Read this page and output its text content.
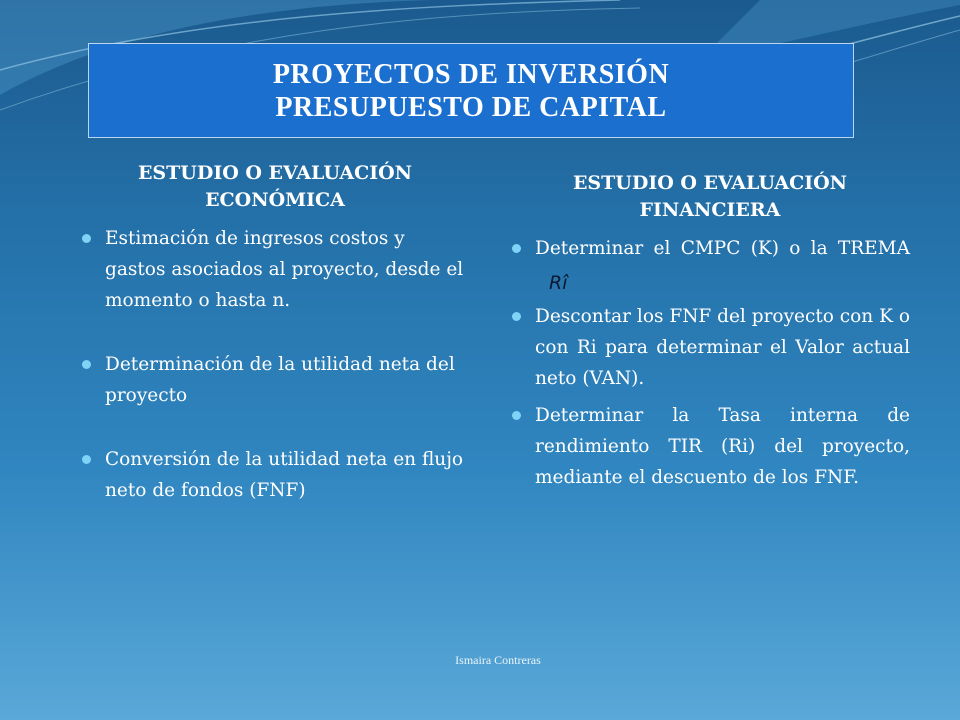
PROYECTOS DE INVERSIÓN
PRESUPUESTO DE CAPITAL
ESTUDIO O EVALUACIÓN ECONÓMICA
Estimación de ingresos costos y gastos asociados al proyecto, desde el momento o hasta n.
Determinación de la utilidad neta del proyecto
Conversión de la utilidad neta en flujo neto de fondos (FNF)
ESTUDIO O EVALUACIÓN FINANCIERA
Determinar el CMPC (K) o la TREMARî
Descontar los FNF del proyecto con K o con Ri para determinar el Valor actual neto (VAN).
Determinar la Tasa interna de rendimiento TIR (Ri) del proyecto, mediante el descuento de los FNF.
Ismaira Contreras
